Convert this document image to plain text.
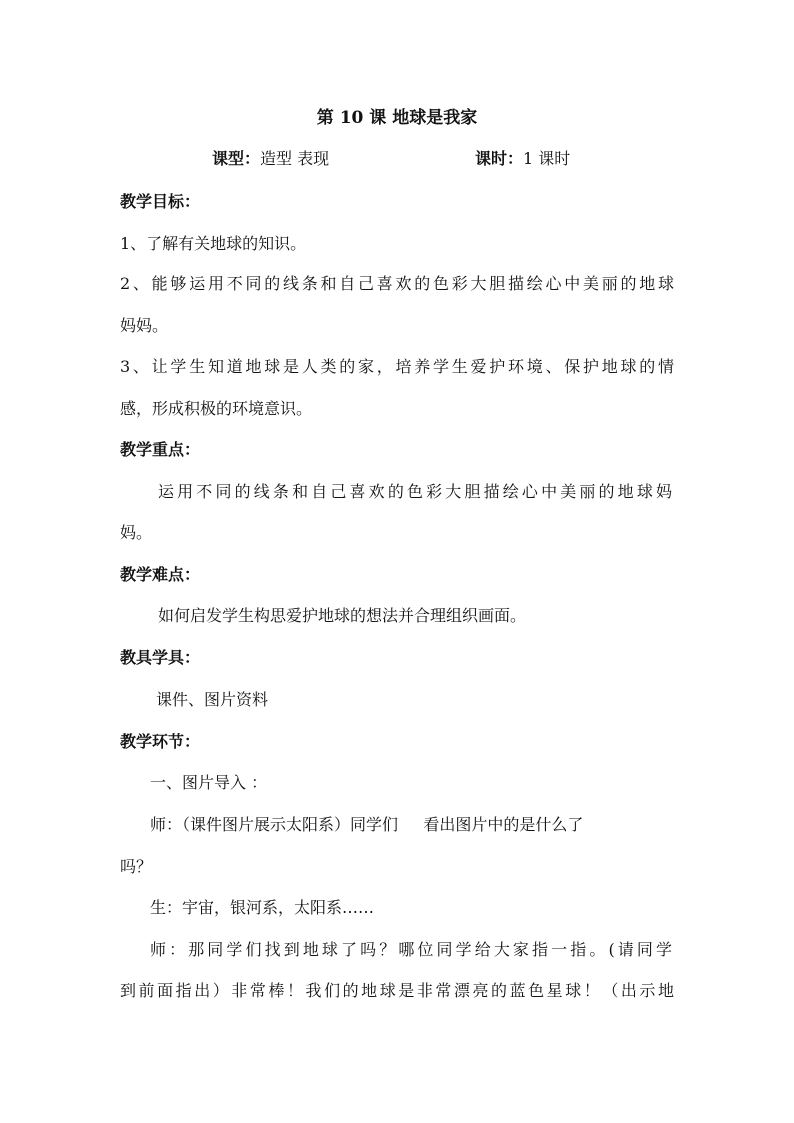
第 10 课 地球是我家
课型：造型 表现	课时：1 课时
教学目标：
1、了解有关地球的知识。
2、能够运用不同的线条和自己喜欢的色彩大胆描绘心中美丽的地球
妈妈。
3、让学生知道地球是人类的家，培养学生爱护环境、保护地球的情
感，形成积极的环境意识。
教学重点：
运用不同的线条和自己喜欢的色彩大胆描绘心中美丽的地球妈
妈。
教学难点：
如何启发学生构思爱护地球的想法并合理组织画面。
教具学具：
课件、图片资料
教学环节：
一、图片导入 ：
师：（课件图片展示太阳系）同学们     看出图片中的是什么了
吗？
生：宇宙，银河系，太阳系……
师：那同学们找到地球了吗？哪位同学给大家指一指。(请同学
到前面指出）非常棒！我们的地球是非常漂亮的蓝色星球！（出示地
